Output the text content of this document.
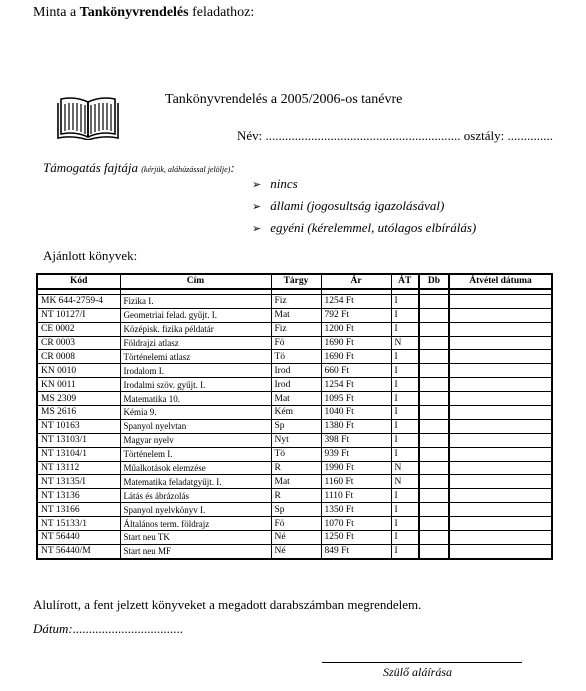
Minta a Tankönyvrendelés feladathoz:
Tankönyvrendelés a 2005/2006-os tanévre
Név: ............................................................ osztály: ..............
Támogatás fajtája (kérjük, aláhúzással jelölje):
➢ nincs
➢ állami (jogosultság igazolásával)
➢ egyéni (kérelemmel, utólagos elbírálás)
Ajánlott könyvek:
Kód	Cím	Tárgy	Ár	ÁT	Db	Átvétel dátuma

MK 644-2759-4	Fizika I.	Fiz	1254 Ft	I		
NT 10127/I	Geometriai felad. gyűjt. I.	Mat	792 Ft	I		
CE 0002	Középisk. fizika példatár	Fiz	1200 Ft	I		
CR 0003	Földrajzi atlasz	Fö	1690 Ft	N		
CR 0008	Történelemi atlasz	Tö	1690 Ft	I		
KN 0010	Irodalom I.	Irod	660 Ft	I		
KN 0011	Irodalmi szöv. gyűjt. I.	Irod	1254 Ft	I		
MS 2309	Matematika 10.	Mat	1095 Ft	I		
MS 2616	Kémia 9.	Kém	1040 Ft	I		
NT 10163	Spanyol nyelvtan	Sp	1380 Ft	I		
NT 13103/1	Magyar nyelv	Nyt	398 Ft	I		
NT 13104/1	Történelem I.	Tö	939 Ft	I		
NT 13112	Műalkotások elemzése	R	1990 Ft	N		
NT 13135/I	Matematika feladatgyűjt. I.	Mat	1160 Ft	N		
NT 13136	Látás és ábrázolás	R	1110 Ft	I		
NT 13166	Spanyol nyelvkönyv I.	Sp	1350 Ft	I		
NT 15133/1	Általános term. földrajz	Fö	1070 Ft	I		
NT 56440	Start neu TK	Né	1250 Ft	I		
NT 56440/M	Start neu MF	Né	849 Ft	I		
Alulírott, a fent jelzett könyveket a megadott darabszámban megrendelem.
Dátum:..................................
Szülő aláírása
